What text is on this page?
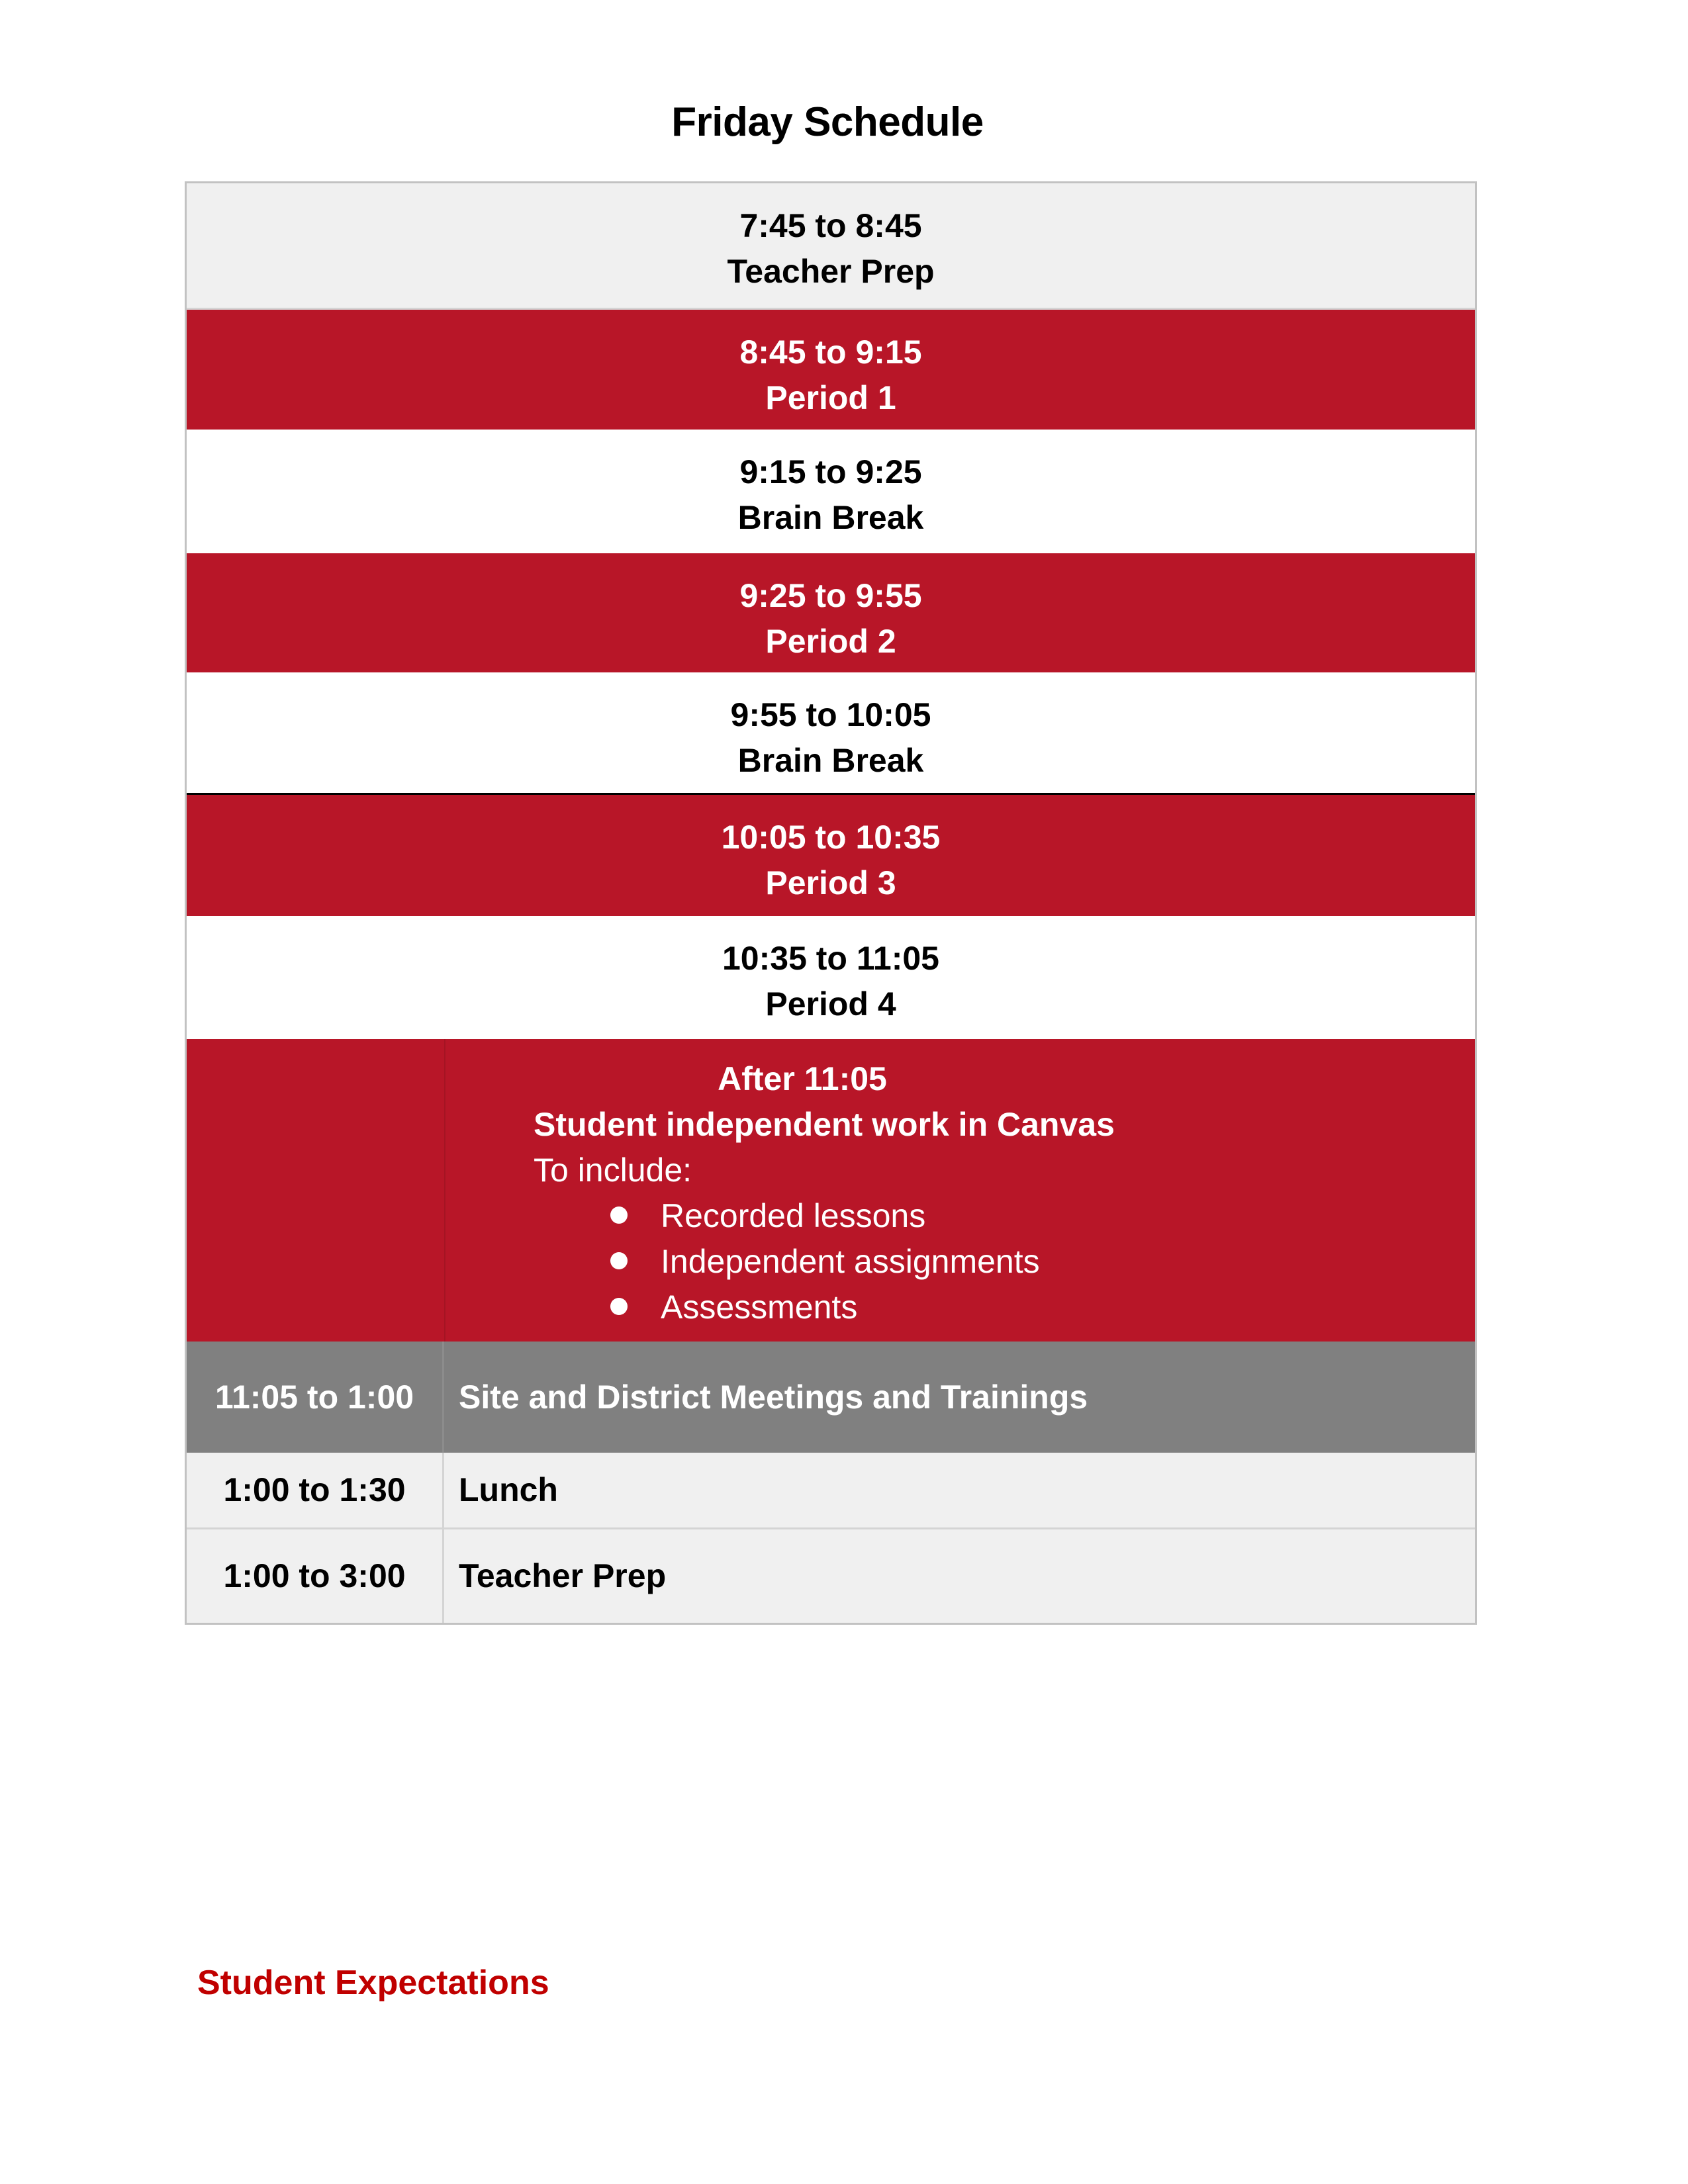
Friday Schedule
7:45 to 8:45
Teacher Prep
8:45 to 9:15
Period 1
9:15 to 9:25
Brain Break
9:25 to 9:55
Period 2
9:55 to 10:05
Brain Break
10:05 to 10:35
Period 3
10:35 to 11:05
Period 4
After 11:05
Student independent work in Canvas
To include:
Recorded lessons
Independent assignments
Assessments
11:05 to 1:00	Site and District Meetings and Trainings
1:00 to 1:30	Lunch
1:00 to 3:00	Teacher Prep
Student Expectations
